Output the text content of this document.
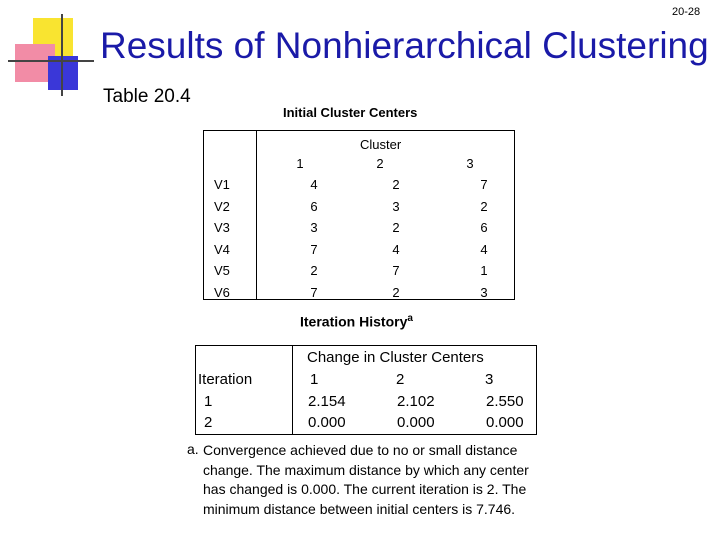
20-28
Results of Nonhierarchical Clustering
Table 20.4
Initial Cluster Centers
Cluster
1	2	3
V1	4	2	7
V2	6	3	2
V3	3	2	6
V4	7	4	4
V5	2	7	1
V6	7	2	3
Iteration History$^a$
Change in Cluster Centers
Iteration	1	2	3
1	2.154	2.102	2.550
2	0.000	0.000	0.000
a. Convergence achieved due to no or small distance
change. The maximum distance by which any center
has changed is 0.000. The current iteration is 2. The
minimum distance between initial centers is 7.746.
